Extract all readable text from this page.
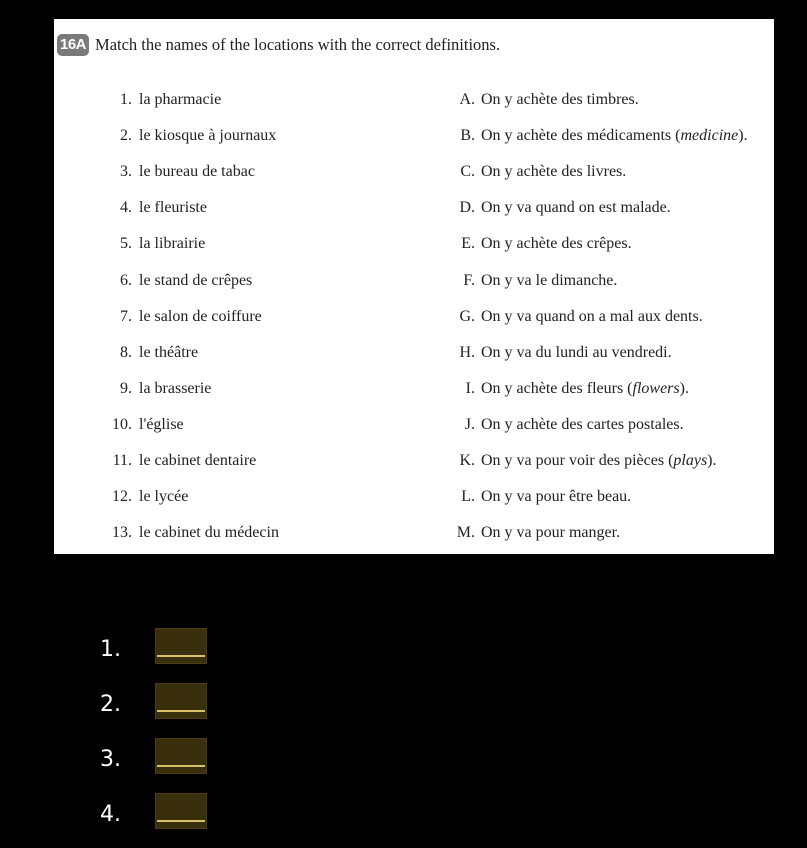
16A Match the names of the locations with the correct definitions.
1. la pharmacie
2. le kiosque à journaux
3. le bureau de tabac
4. le fleuriste
5. la librairie
6. le stand de crêpes
7. le salon de coiffure
8. le théâtre
9. la brasserie
10. l'église
11. le cabinet dentaire
12. le lycée
13. le cabinet du médecin
A. On y achète des timbres.
B. On y achète des médicaments (medicine).
C. On y achète des livres.
D. On y va quand on est malade.
E. On y achète des crêpes.
F. On y va le dimanche.
G. On y va quand on a mal aux dents.
H. On y va du lundi au vendredi.
I. On y achète des fleurs (flowers).
J. On y achète des cartes postales.
K. On y va pour voir des pièces (plays).
L. On y va pour être beau.
M. On y va pour manger.
1.
2.
3.
4.
